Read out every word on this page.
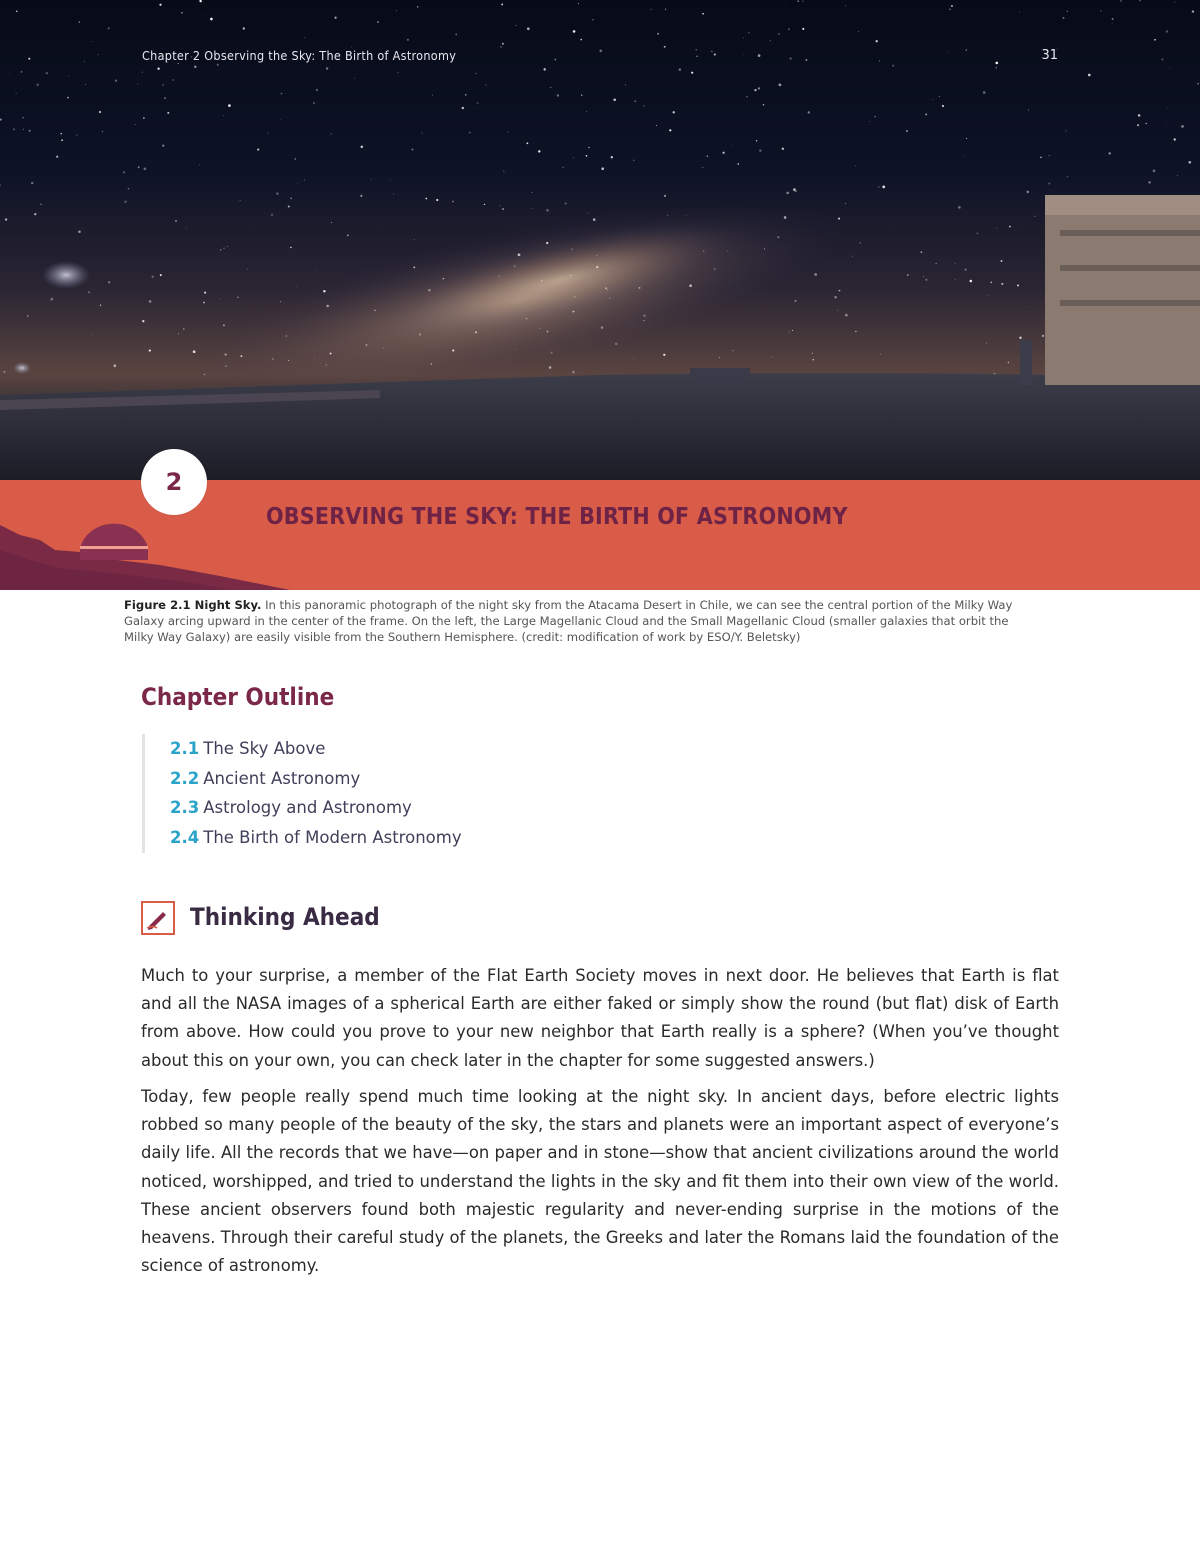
Chapter 2 Observing the Sky: The Birth of Astronomy	31
2
OBSERVING THE SKY: THE BIRTH OF ASTRONOMY
Figure 2.1 Night Sky. In this panoramic photograph of the night sky from the Atacama Desert in Chile, we can see the central portion of the Milky Way Galaxy arcing upward in the center of the frame. On the left, the Large Magellanic Cloud and the Small Magellanic Cloud (smaller galaxies that orbit the Milky Way Galaxy) are easily visible from the Southern Hemisphere. (credit: modification of work by ESO/Y. Beletsky)
Chapter Outline
2.1 The Sky Above
2.2 Ancient Astronomy
2.3 Astrology and Astronomy
2.4 The Birth of Modern Astronomy
Thinking Ahead

Much to your surprise, a member of the Flat Earth Society moves in next door. He believes that Earth is flat and all the NASA images of a spherical Earth are either faked or simply show the round (but flat) disk of Earth from above. How could you prove to your new neighbor that Earth really is a sphere? (When you’ve thought about this on your own, you can check later in the chapter for some suggested answers.)

Today, few people really spend much time looking at the night sky. In ancient days, before electric lights robbed so many people of the beauty of the sky, the stars and planets were an important aspect of everyone’s daily life. All the records that we have—on paper and in stone—show that ancient civilizations around the world noticed, worshipped, and tried to understand the lights in the sky and fit them into their own view of the world. These ancient observers found both majestic regularity and never-ending surprise in the motions of the heavens. Through their careful study of the planets, the Greeks and later the Romans laid the foundation of the science of astronomy.
